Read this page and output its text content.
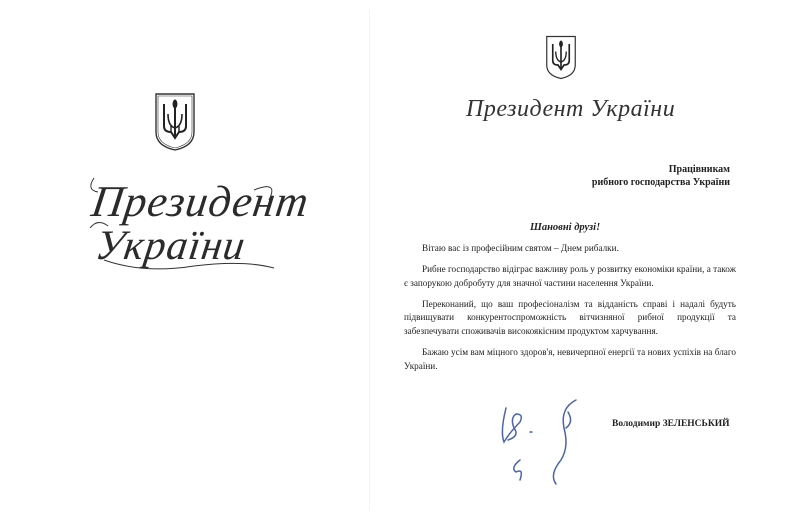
Президент
України
Президент України
Працівникам
рибного господарства України
Шановні друзі!

Вітаю вас із професійним святом – Днем рибалки.

Рибне господарство відіграє важливу роль у розвитку економіки країни, а також є запорукою добробуту для значної частини населення України.

Переконаний, що ваш професіоналізм та відданість справі і надалі будуть підвищувати конкурентоспроможність вітчизняної рибної продукції та забезпечувати споживачів високоякісним продуктом харчування.

Бажаю усім вам міцного здоров'я, невичерпної енергії та нових успіхів на благо України.

Володимир ЗЕЛЕНСЬКИЙ
